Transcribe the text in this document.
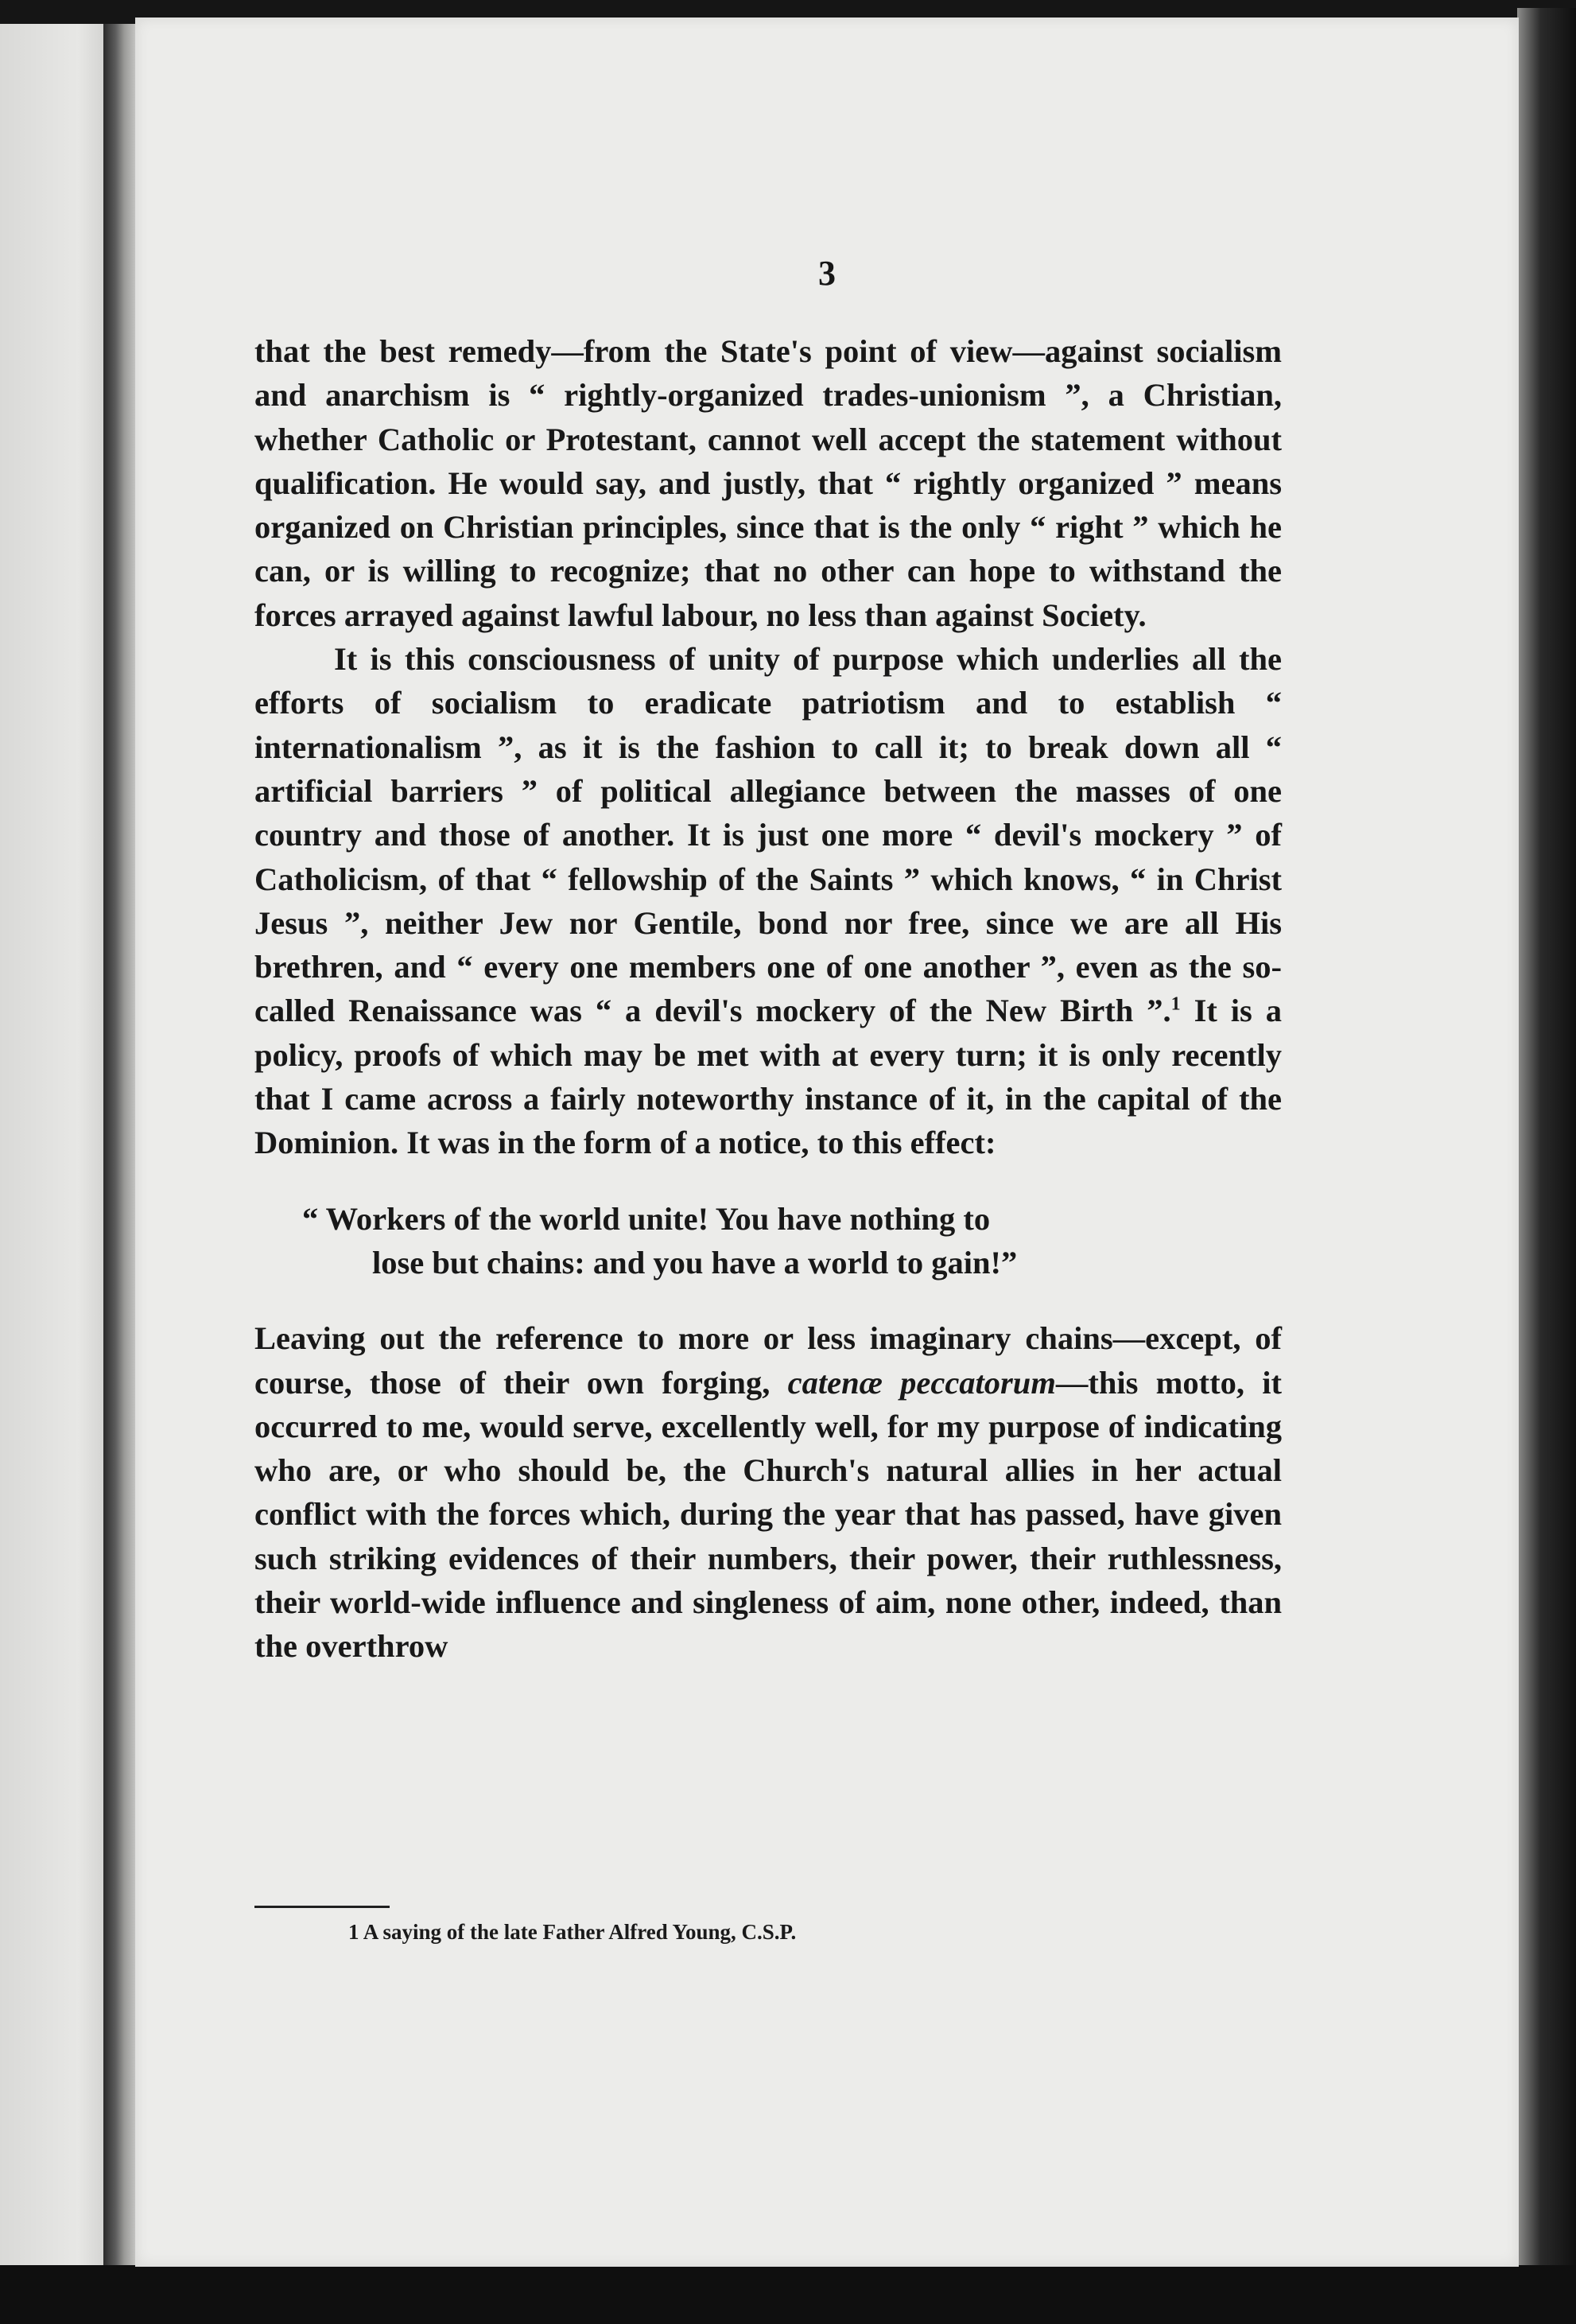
3

that the best remedy—from the State's point of view—against socialism and anarchism is “ rightly-organized trades-unionism ”, a Christian, whether Catholic or Protestant, cannot well accept the statement without qualification. He would say, and justly, that “ rightly organized ” means organized on Christian principles, since that is the only “ right ” which he can, or is willing to recognize; that no other can hope to withstand the forces arrayed against lawful labour, no less than against Society.

It is this consciousness of unity of purpose which underlies all the efforts of socialism to eradicate patriotism and to establish “ internationalism ”, as it is the fashion to call it; to break down all “ artificial barriers ” of political allegiance between the masses of one country and those of another. It is just one more “ devil's mockery ” of Catholicism, of that “ fellowship of the Saints ” which knows, “ in Christ Jesus ”, neither Jew nor Gentile, bond nor free, since we are all His brethren, and “ every one members one of one another ”, even as the so-called Renaissance was “ a devil's mockery of the New Birth ”.$^1$ It is a policy, proofs of which may be met with at every turn; it is only recently that I came across a fairly noteworthy instance of it, in the capital of the Dominion. It was in the form of a notice, to this effect:

“ Workers of the world unite! You have nothing to
lose but chains: and you have a world to gain!”

Leaving out the reference to more or less imaginary chains—except, of course, those of their own forging, catenæ peccatorum—this motto, it occurred to me, would serve, excellently well, for my purpose of indicating who are, or who should be, the Church's natural allies in her actual conflict with the forces which, during the year that has passed, have given such striking evidences of their numbers, their power, their ruthlessness, their world-wide influence and singleness of aim, none other, indeed, than the overthrow

1 A saying of the late Father Alfred Young, C.S.P.
